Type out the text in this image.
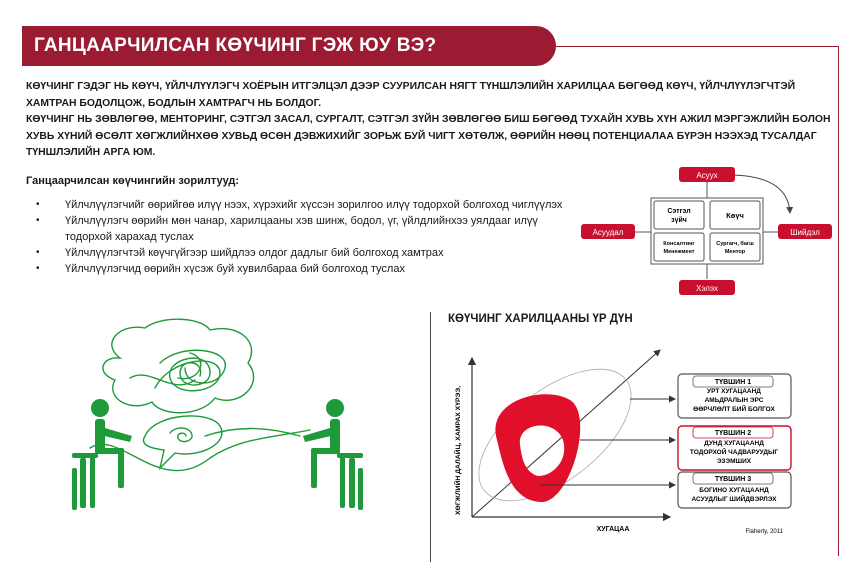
ГАНЦААРЧИЛСАН КӨҮЧИНГ ГЭЖ ЮУ ВЭ?

КӨҮЧИНГ ГЭДЭГ НЬ КӨҮЧ, ҮЙЛЧЛҮҮЛЭГЧ ХОЁРЫН ИТГЭЛЦЭЛ ДЭЭР СУУРИЛСАН НЯГТ ТҮНШЛЭЛИЙН ХАРИЛЦАА БӨГӨӨД КӨҮЧ, ҮЙЛЧЛҮҮЛЭГЧТЭЙ ХАМТРАН БОДОЛЦОЖ, БОДЛЫН ХАМТРАГЧ НЬ БОЛДОГ.

КӨҮЧИНГ НЬ ЗӨВЛӨГӨӨ, МЕНТОРИНГ, СЭТГЭЛ ЗАСАЛ, СУРГАЛТ, СЭТГЭЛ ЗҮЙН ЗӨВЛӨГӨӨ БИШ БӨГӨӨД ТУХАЙН ХУВЬ ХҮН АЖИЛ МЭРГЭЖЛИЙН БОЛОН ХУВЬ ХҮНИЙ ӨСӨЛТ ХӨГЖЛИЙНХӨӨ ХУВЬД ӨСӨН ДЭВЖИХИЙГ ЗОРЬЖ БУЙ ЧИГТ ХӨТӨЛЖ, ӨӨРИЙН НӨӨЦ ПОТЕНЦИАЛАА БҮРЭН НЭЭХЭД ТУСАЛДАГ ТҮНШЛЭЛИЙН АРГА ЮМ.

Ганцаарчилсан көүчингийн зорилтууд:
• Үйлчлүүлэгчийг өөрийгөө илүү нээх, хүрэхийг хүссэн зорилгоо илүү тодорхой болгоход чиглүүлэх
• Үйлчлүүлэгч өөрийн мөн чанар, харилцааны хэв шинж, бодол, үг, үйлдлийнхээ уялдааг илүү тодорхой харахад туслах
• Үйлчлүүлэгчтэй көүчгүйгээр шийдлээ олдог дадлыг бий болгоход хамтрах
• Үйлчлүүлэгчид өөрийн хүсэж буй хувилбараа бий болгоход туслах
Сэтгэл
зүйч
Көүч
Консалтинг
Менежмент
Сургагч, багш
Ментор
Асуух
Хэлэх
Асуудал	Шийдэл
КӨҮЧИНГ ХАРИЛЦААНЫ ҮР ДҮН
ХӨГЖЛИЙН ДАЛАЙЦ, ХАМРАХ ХҮРЭЭ,
ХУГАЦАА
ТҮВШИН 1
УРТ ХУГАЦААНД
АМЬДРАЛЫН ЭРС
ӨӨРЧЛӨЛТ БИЙ БОЛГОХ
ТҮВШИН 2
ДУНД ХУГАЦААНД
ТОДОРХОЙ ЧАДВАРУУДЫГ
ЭЗЭМШИХ
ТҮВШИН 3
БОГИНО ХУГАЦААНД
АСУУДЛЫГ ШИЙДВЭРЛЭХ
Flaherty, 2011
